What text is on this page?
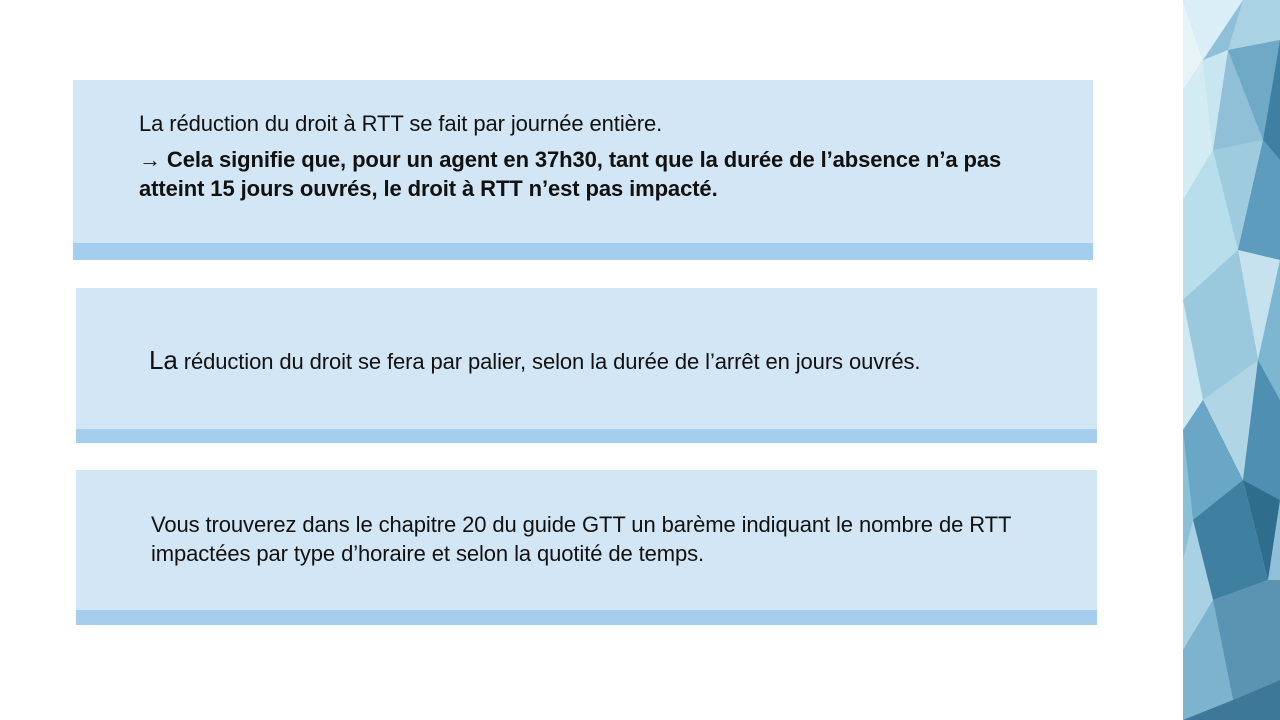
La réduction du droit à RTT se fait par journée entière.
→ Cela signifie que, pour un agent en 37h30, tant que la durée de l’absence n’a pas atteint 15 jours ouvrés, le droit à RTT n’est pas impacté.
La réduction du droit se fera par palier, selon la durée de l’arrêt en jours ouvrés.
Vous trouverez dans le chapitre 20 du guide GTT un barème indiquant le nombre de RTT impactées par type d’horaire et selon la quotité de temps.
